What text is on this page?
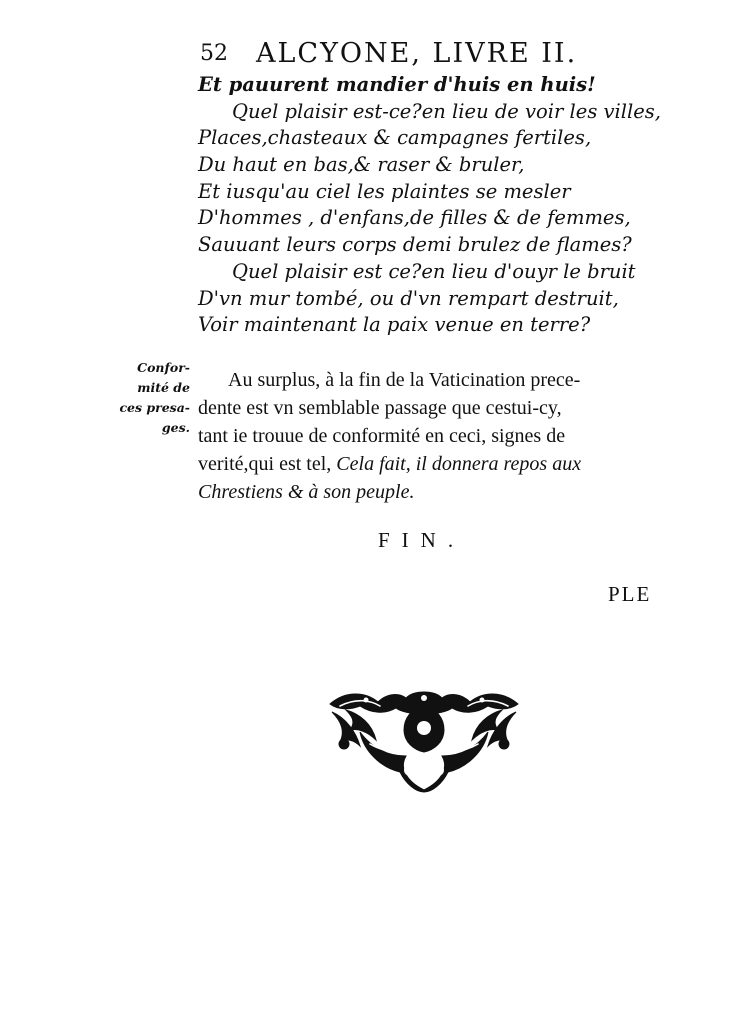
52 ALCYONE, LIVRE II.
Et pauurent mandier d'huis en huis!
Quel plaisir est-ce?en lieu de voir les villes,
Places,chasteaux & campagnes fertiles,
Du haut en bas,& raser & bruler,
Et iusqu'au ciel les plaintes se mesler
D'hommes , d'enfans,de filles & de femmes,
Sauuant leurs corps demi brulez de flames?
Quel plaisir est ce?en lieu d'ouyr le bruit
D'vn mur tombé, ou d'vn rempart destruit,
Voir maintenant la paix venue en terre?
Confor-
mité de
ces presa-
ges.
Au surplus, à la fin de la Vaticination prece-
dente est vn semblable passage que cestui-cy,
tant ie trouue de conformité en ceci, signes de
verité,qui est tel, Cela fait, il donnera repos aux
Chrestiens & à son peuple.
FIN.
PLE
